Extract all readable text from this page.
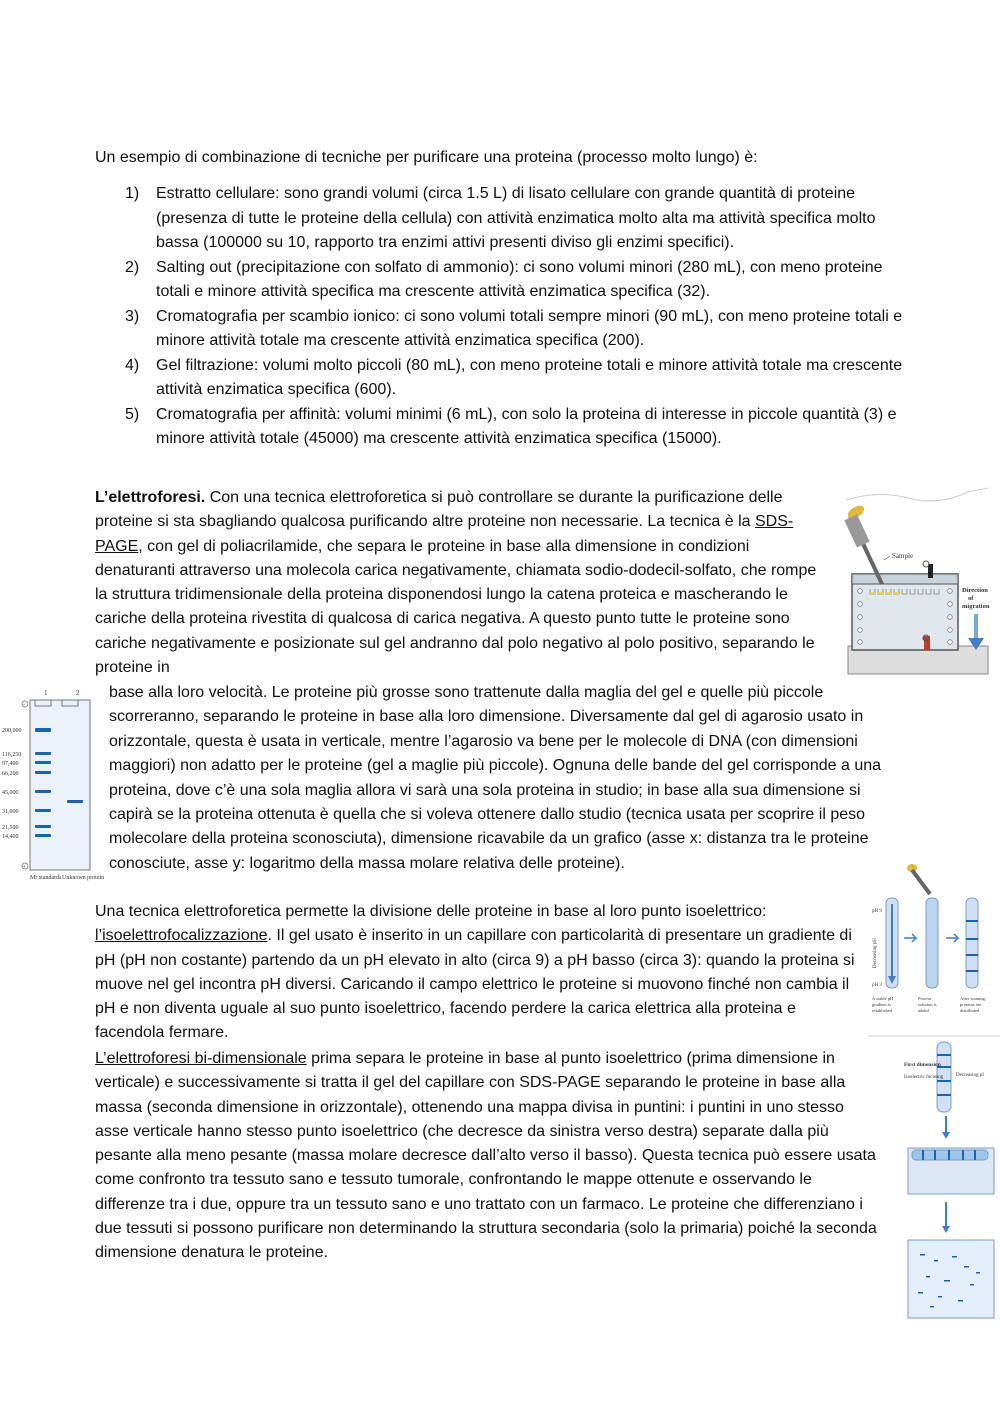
Un esempio di combinazione di tecniche per purificare una proteina (processo molto lungo) è:
1) Estratto cellulare: sono grandi volumi (circa 1.5 L) di lisato cellulare con grande quantità di proteine (presenza di tutte le proteine della cellula) con attività enzimatica molto alta ma attività specifica molto bassa (100000 su 10, rapporto tra enzimi attivi presenti diviso gli enzimi specifici).
2) Salting out (precipitazione con solfato di ammonio): ci sono volumi minori (280 mL), con meno proteine totali e minore attività specifica ma crescente attività enzimatica specifica (32).
3) Cromatografia per scambio ionico: ci sono volumi totali sempre minori (90 mL), con meno proteine totali e minore attività totale ma crescente attività enzimatica specifica (200).
4) Gel filtrazione: volumi molto piccoli (80 mL), con meno proteine totali e minore attività totale ma crescente attività enzimatica specifica (600).
5) Cromatografia per affinità: volumi minimi (6 mL), con solo la proteina di interesse in piccole quantità (3) e minore attività totale (45000) ma crescente attività enzimatica specifica (15000).
L’elettroforesi. Con una tecnica elettroforetica si può controllare se durante la purificazione delle proteine si sta sbagliando qualcosa purificando altre proteine non necessarie. La tecnica è la SDS-PAGE, con gel di poliacrilamide, che separa le proteine in base alla dimensione in condizioni denaturanti attraverso una molecola carica negativamente, chiamata sodio-dodecil-solfato, che rompe la struttura tridimensionale della proteina disponendosi lungo la catena proteica e mascherando le cariche della proteina rivestita di qualcosa di carica negativa. A questo punto tutte le proteine sono cariche negativamente e posizionate sul gel andranno dal polo negativo al polo positivo, separando le proteine in
base alla loro velocità. Le proteine più grosse sono trattenute dalla maglia del gel e quelle più piccole scorreranno, separando le proteine in base alla loro dimensione. Diversamente dal gel di agarosio usato in orizzontale, questa è usata in verticale, mentre l’agarosio va bene per le molecole di DNA (con dimensioni maggiori) non adatto per le proteine (gel a maglie più piccole). Ognuna delle bande del gel corrisponde a una proteina, dove c’è una sola maglia allora vi sarà una sola proteina in studio; in base alla sua dimensione si capirà se la proteina ottenuta è quella che si voleva ottenere dallo studio (tecnica usata per scoprire il peso molecolare della proteina sconosciuta), dimensione ricavabile da un grafico (asse x: distanza tra le proteine conosciute, asse y: logaritmo della massa molare relativa delle proteine).
Una tecnica elettroforetica permette la divisione delle proteine in base al loro punto isoelettrico: l’isoelettrofocalizzazione. Il gel usato è inserito in un capillare con particolarità di presentare un gradiente di pH (pH non costante) partendo da un pH elevato in alto (circa 9) a pH basso (circa 3): quando la proteina si muove nel gel incontra pH diversi. Caricando il campo elettrico le proteine si muovono finché non cambia il pH e non diventa uguale al suo punto isoelettrico, facendo perdere la carica elettrica alla proteina e facendola fermare.
L’elettroforesi bi-dimensionale prima separa le proteine in base al punto isoelettrico (prima dimensione in verticale) e successivamente si tratta il gel del capillare con SDS-PAGE separando le proteine in base alla massa (seconda dimensione in orizzontale), ottenendo una mappa divisa in puntini: i puntini in uno stesso asse verticale hanno stesso punto isoelettrico (che decresce da sinistra verso destra) separate dalla più pesante alla meno pesante (massa molare decresce dall’alto verso il basso). Questa tecnica può essere usata come confronto tra tessuto sano e tessuto tumorale, confrontando le mappe ottenute e osservando le differenze tra i due, oppure tra un tessuto sano e uno trattato con un farmaco. Le proteine che differenziano i due tessuti si possono purificare non determinando la struttura secondaria (solo la primaria) poiché la seconda dimensione denatura le proteine.
−
+
Sample
Direction
of
migration
1	2
−
+
200,000
116,250
97,400
66,200
45,000
31,000
21,500
14,400
Mr standards Unknown protein
pH 9
pH 3
Decreasing pH
A stable pH
gradient is
established
Protein
solution is
added
After staining,
proteins are
distributed
First dimension
Isoelectric focusing	Decreasing pI
